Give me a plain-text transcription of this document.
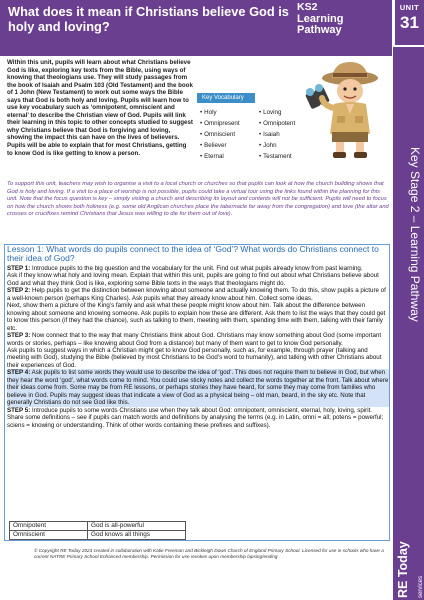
What does it mean if Christians believe God is holy and loving?
KS2
Learning
Pathway
UNIT
31
Key Stage 2 – Learning Pathway
RE Today services
Within this unit, pupils will learn about what Christians believe God is like, exploring key texts from the Bible, using ways of knowing that theologians use. They will study passages from the book of Isaiah and Psalm 103 (Old Testament) and the book of 1 John (New Testament) to work out some ways the Bible says that God is both holy and loving. Pupils will learn how to use key vocabulary such as ‘omnipotent, omniscient and eternal’ to describe the Christian view of God. Pupils will link their learning in this topic to other concepts studied to suggest why Christians believe that God is forgiving and loving, showing the impact this can have on the lives of believers. Pupils will be able to explain that for most Christians, getting to know God is like getting to know a person.
Key Vocabulary
• Holy
• Omnipresent
• Omniscient
• Believer
• Eternal
• Loving
• Omnipotent
• Isaiah
• John
• Testament
To support this unit, teachers may wish to organise a visit to a local church or churches so that pupils can look at how the church building shows that God is holy and loving. If a visit to a place of worship is not possible, pupils could take a virtual tour using the links found within the planning for this unit. Note that the focus question is key – simply visiting a church and describing its layout and contents will not be sufficient. Pupils will need to focus on how the church shows both holiness (e.g. some old Anglican churches place the tabernacle far away from the congregation) and love (the altar and crosses or crucifixes remind Christians that Jesus was willing to die for them out of love).
Lesson 1: What words do pupils connect to the idea of ‘God’? What words do Christians connect to their idea of God?

STEP 1: Introduce pupils to the big question and the vocabulary for the unit. Find out what pupils already know from past learning.

Ask if they know what holy and loving mean. Explain that within this unit, pupils are going to find out about what Christians believe about God and what they think God is like, exploring some Bible texts in the ways that theologians might do.

STEP 2: Help pupils to get the distinction between knowing about someone and actually knowing them. To do this, show pupils a picture of a well-known person (perhaps King Charles). Ask pupils what they already know about him. Collect some ideas.

Next, show them a picture of the King’s family and ask what these people might know about him. Talk about the difference between knowing about someone and knowing someone. Ask pupils to explain how these are different. Ask them to list the ways that they could get to know this person (if they had the chance), such as talking to them, meeting with them, spending time with them, talking with their family etc.

STEP 3: Now connect that to the way that many Christians think about God. Christians may know something about God (some important words or stories, perhaps – like knowing about God from a distance) but many of them want to get to know God personally.

Ask pupils to suggest ways in which a Christian might get to know God personally, such as, for example, through prayer (talking and meeting with God), studying the Bible (believed by most Christians to be God’s word to humanity), and talking with other Christians about their experiences of God.

STEP 4: Ask pupils to list some words they would use to describe the idea of ‘god’. This does not require them to believe in God, but when they hear the word ‘god’, what words come to mind. You could use sticky notes and collect the words together at the front. Talk about where their ideas come from. Some may be from RE lessons, or perhaps stories they have heard, for some they may come from families who believe in God. Pupils may suggest ideas that indicate a view of God as a physical being – old man, beard, in the sky etc. Note that generally Christians do not see God like this.

STEP 5: Introduce pupils to some words Christians use when they talk about God: omnipotent, omniscient, eternal, holy, loving, spirit. Share some definitions – see if pupils can match words and definitions by analysing the terms (e.g. in Latin, omni = all; potens = powerful; sciens = knowing or understanding. Think of other words containing these prefixes and suffixes).

Omnipotent	God is all-powerful
Omniscient	God knows all things
© Copyright RE Today 2023 created in collaboration with Katie Freeman and Bickleigh Down Church of England Primary School. Licensed for use in schools who have a current NATRE Primary School Enhanced membership. Permission for use revokes upon membership lapsing/ending
